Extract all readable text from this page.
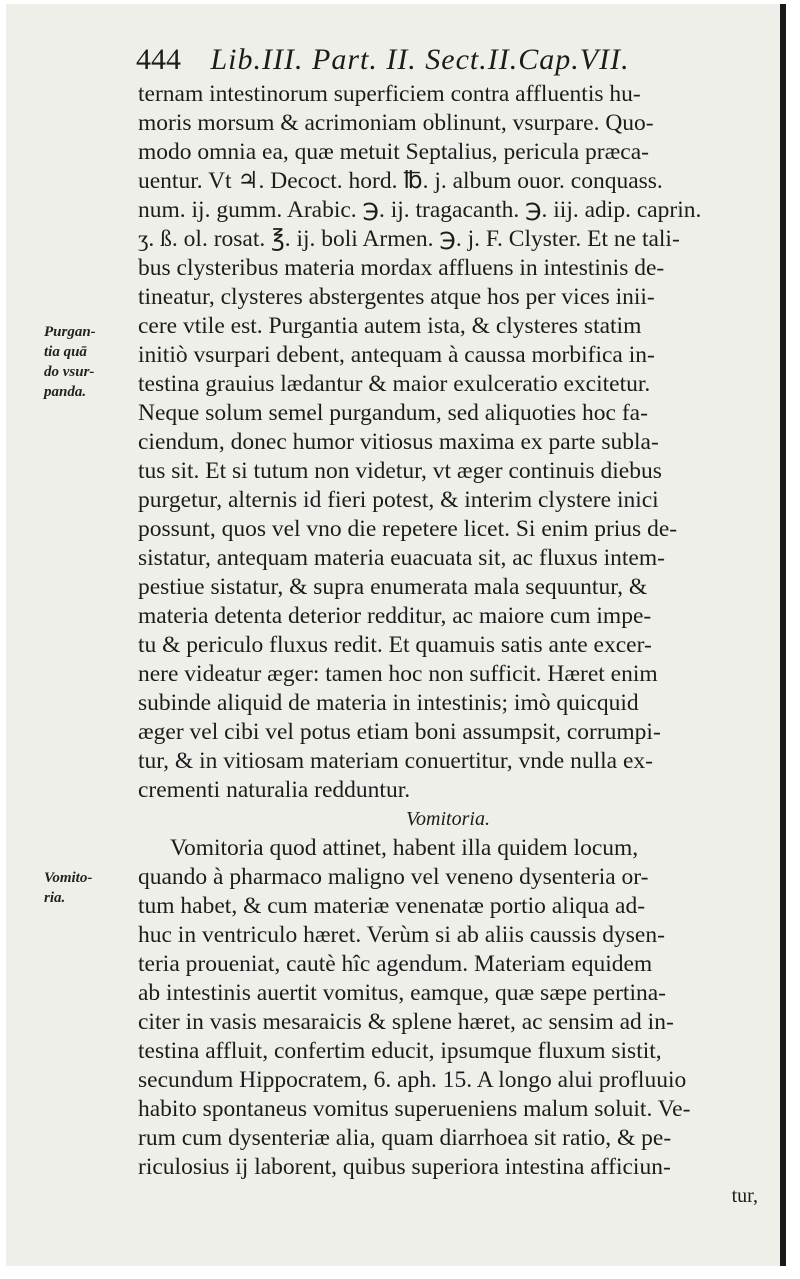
444 Lib.III. Part. II. Sect.II.Cap.VII.
Purgan-
tia quā
do vsur-
panda.
Vomito-
ria.
ternam intestinorum superficiem contra affluentis hu-
moris morsum & acrimoniam oblinunt, vsurpare. Quo-
modo omnia ea, quæ metuit Septalius, pericula præca-
uentur. Vt ♃. Decoct. hord. ℔. j. album ouor. conquass.
num. ij. gumm. Arabic. ℈. ij. tragacanth. ℈. iij. adip. caprin.
ʒ. ß. ol. rosat. ℥. ij. boli Armen. ℈. j. F. Clyster. Et ne tali-
bus clysteribus materia mordax affluens in intestinis de-
tineatur, clysteres abstergentes atque hos per vices inii-
cere vtile est. Purgantia autem ista, & clysteres statim
initiò vsurpari debent, antequam à caussa morbifica in-
testina grauius lædantur & maior exulceratio excitetur.
Neque solum semel purgandum, sed aliquoties hoc fa-
ciendum, donec humor vitiosus maxima ex parte subla-
tus sit. Et si tutum non videtur, vt æger continuis diebus
purgetur, alternis id fieri potest, & interim clystere inici
possunt, quos vel vno die repetere licet. Si enim prius de-
sistatur, antequam materia euacuata sit, ac fluxus intem-
pestiue sistatur, & supra enumerata mala sequuntur, &
materia detenta deterior redditur, ac maiore cum impe-
tu & periculo fluxus redit. Et quamuis satis ante excer-
nere videatur æger: tamen hoc non sufficit. Hæret enim
subinde aliquid de materia in intestinis; imò quicquid
æger vel cibi vel potus etiam boni assumpsit, corrumpi-
tur, & in vitiosam materiam conuertitur, vnde nulla ex-
crementi naturalia redduntur.
Vomitoria.
Vomitoria quod attinet, habent illa quidem locum,
quando à pharmaco maligno vel veneno dysenteria or-
tum habet, & cum materiæ venenatæ portio aliqua ad-
huc in ventriculo hæret. Verùm si ab aliis caussis dysen-
teria proueniat, cautè hîc agendum. Materiam equidem
ab intestinis auertit vomitus, eamque, quæ sæpe pertina-
citer in vasis mesaraicis & splene hæret, ac sensim ad in-
testina affluit, confertim educit, ipsumque fluxum sistit,
secundum Hippocratem, 6. aph. 15. A longo alui profluuio
habito spontaneus vomitus superueniens malum soluit. Ve-
rum cum dysenteriæ alia, quam diarrhoea sit ratio, & pe-
riculosius ij laborent, quibus superiora intestina afficiun-
tur,
